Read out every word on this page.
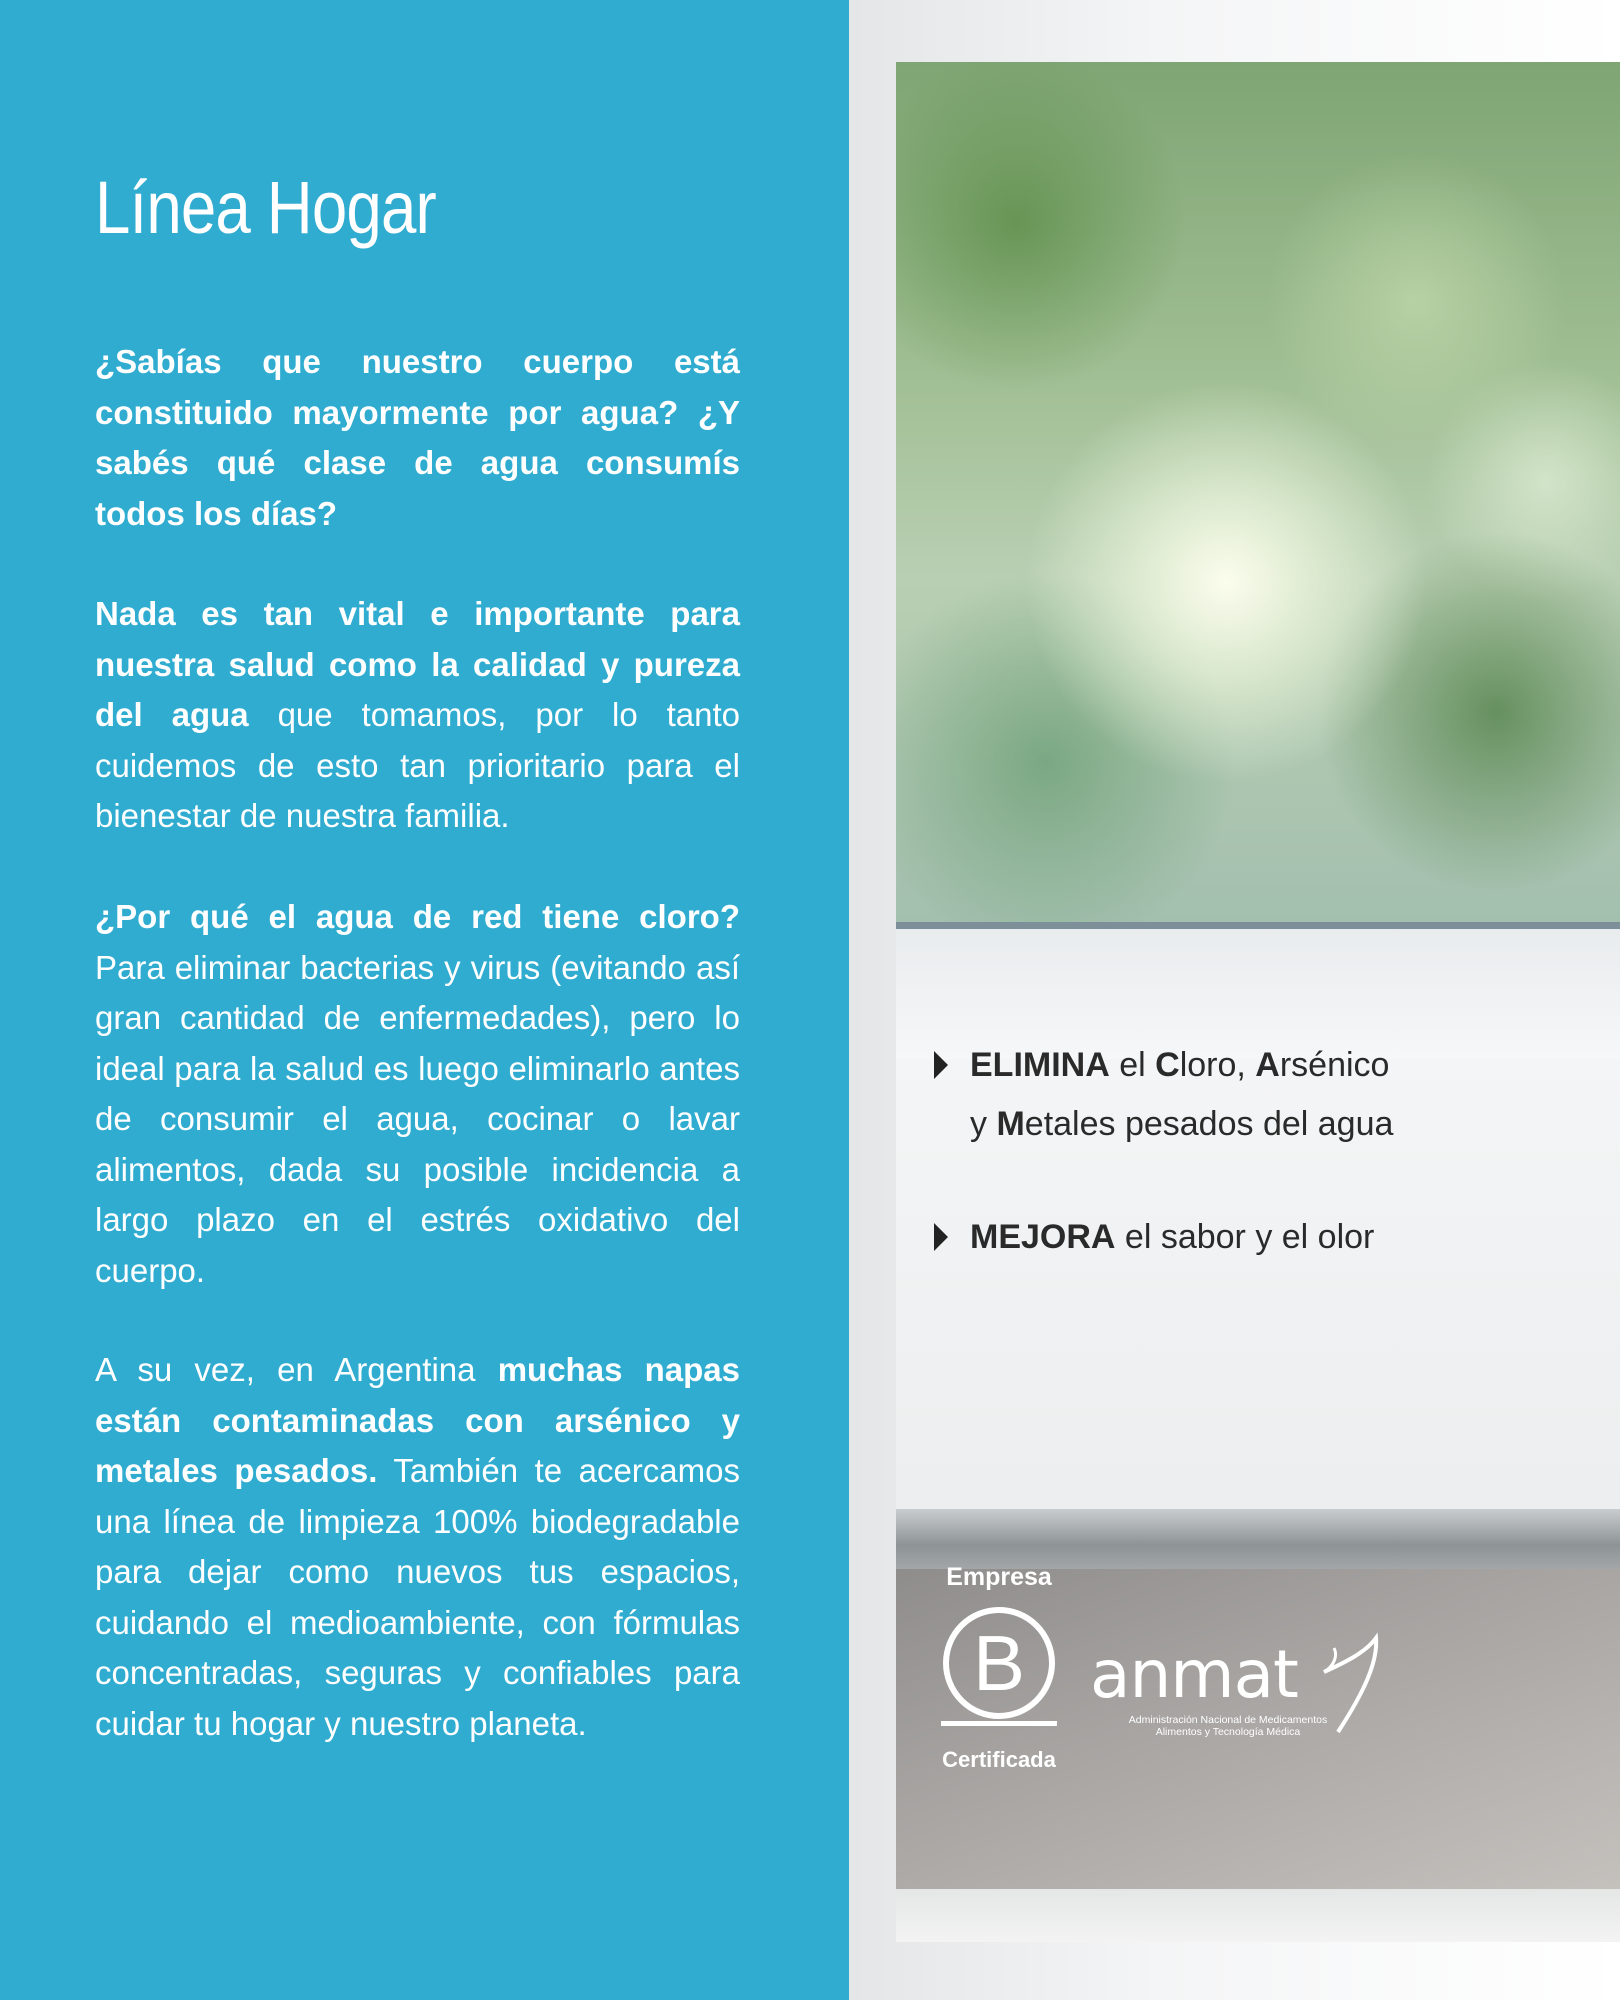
Línea Hogar

¿Sabías que nuestro cuerpo está constituido mayormente por agua? ¿Y sabés qué clase de agua consumís todos los días?

Nada es tan vital e importante para nuestra salud como la calidad y pureza del agua que tomamos, por lo tanto cuidemos de esto tan prioritario para el bienestar de nuestra familia.

¿Por qué el agua de red tiene cloro? Para eliminar bacterias y virus (evitando así gran cantidad de enfermedades), pero lo ideal para la salud es luego eliminarlo antes de consumir el agua, cocinar o lavar alimentos, dada su posible incidencia a largo plazo en el estrés oxidativo del cuerpo.

A su vez, en Argentina muchas napas están contaminadas con arsénico y metales pesados. También te acercamos una línea de limpieza 100% biodegradable para dejar como nuevos tus espacios, cuidando el medioambiente, con fórmulas concentradas, seguras y confiables para cuidar tu hogar y nuestro planeta.

ELIMINA el Cloro, Arsénico
y Metales pesados del agua
MEJORA el sabor y el olor
Empresa
B
Certificada
anmat
Administración Nacional de Medicamentos
Alimentos y Tecnología Médica
